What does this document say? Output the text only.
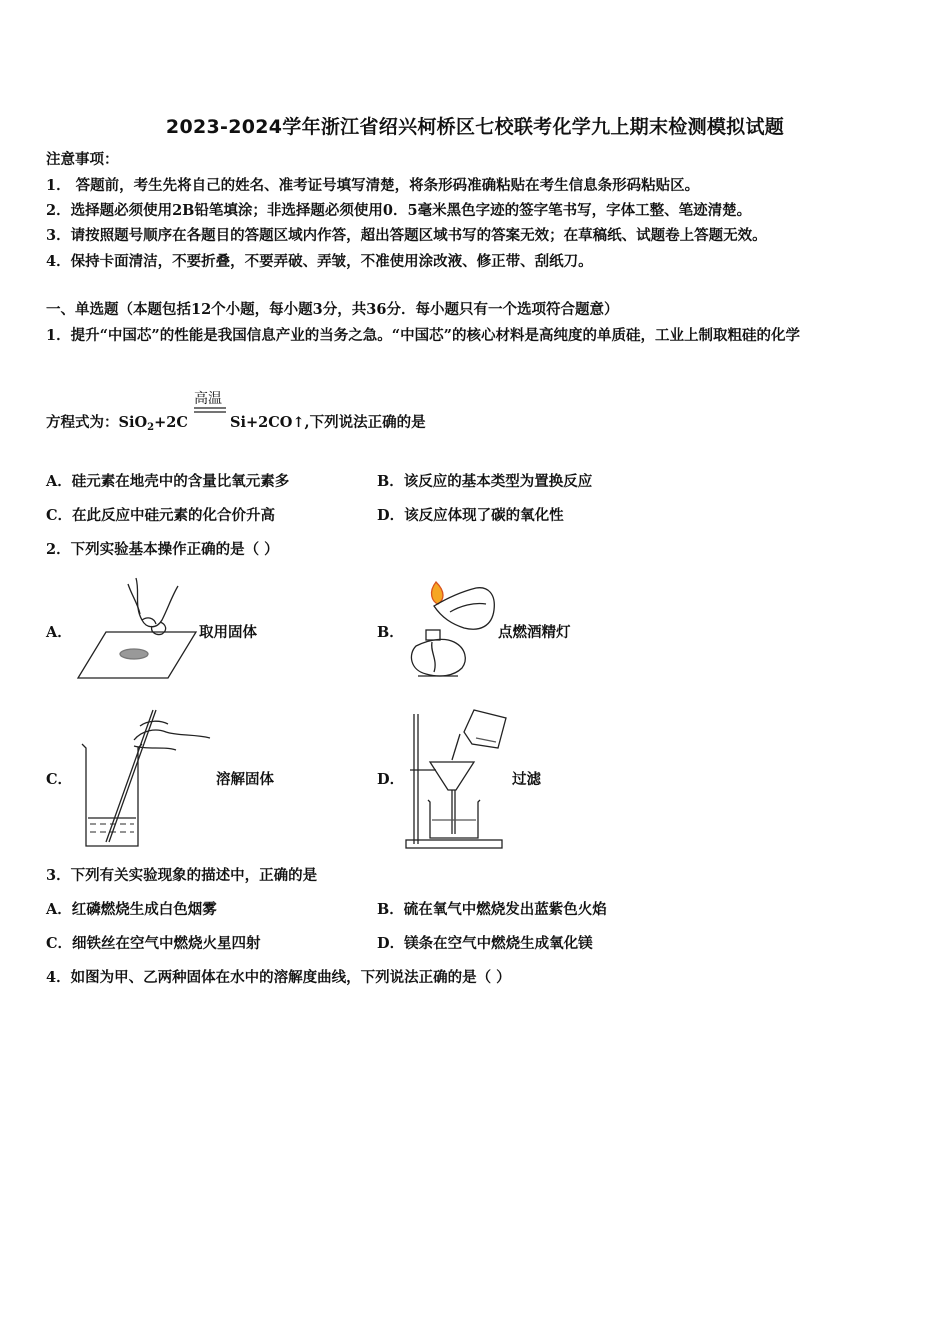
2023-2024学年浙江省绍兴柯桥区七校联考化学九上期末检测模拟试题
注意事项：
1． 答题前，考生先将自己的姓名、准考证号填写清楚，将条形码准确粘贴在考生信息条形码粘贴区。
2．选择题必须使用2B铅笔填涂；非选择题必须使用0．5毫米黑色字迹的签字笔书写，字体工整、笔迹清楚。
3．请按照题号顺序在各题目的答题区域内作答，超出答题区域书写的答案无效；在草稿纸、试题卷上答题无效。
4．保持卡面清洁，不要折叠，不要弄破、弄皱，不准使用涂改液、修正带、刮纸刀。
一、单选题（本题包括12个小题，每小题3分，共36分．每小题只有一个选项符合题意）
1．提升“中国芯”的性能是我国信息产业的当务之急。“中国芯”的核心材料是高纯度的单质硅，工业上制取粗硅的化学
方程式为：SiO$_2$+2C
高温
Si+2CO↑,下列说法正确的是
A．硅元素在地壳中的含量比氧元素多	B．该反应的基本类型为置换反应
C．在此反应中硅元素的化合价升高	D．该反应体现了碳的氧化性
2．下列实验基本操作正确的是（ ）
A．	取用固体	B．	点燃酒精灯
C．	溶解固体	D．	过滤
3．下列有关实验现象的描述中，正确的是
A．红磷燃烧生成白色烟雾	B．硫在氧气中燃烧发出蓝紫色火焰
C．细铁丝在空气中燃烧火星四射	D．镁条在空气中燃烧生成氧化镁
4．如图为甲、乙两种固体在水中的溶解度曲线，下列说法正确的是（ ）
